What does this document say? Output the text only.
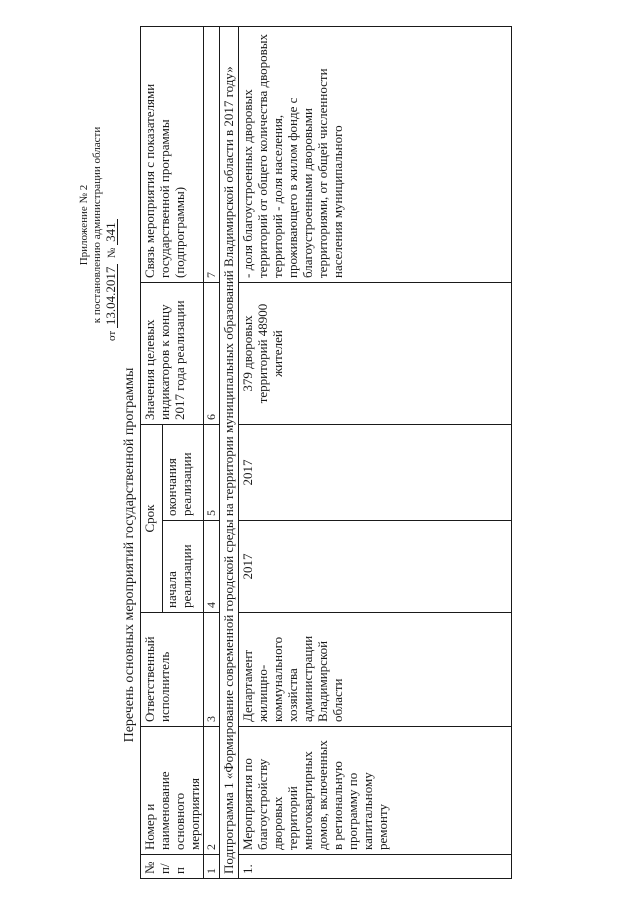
Приложение № 2 к постановлению администрации области
от 13.04.2017  № 341
Перечень основных мероприятий государственной программы
№ п/п	Номер и наименование основного мероприятия	Ответственный исполнитель	Срок		Значения целевых индикаторов к концу 2017 года реализации	Связь мероприятия с показателями государственной программы (подпрограммы)
			начала реализации	окончания реализации		
1	2	3	4	5	6	7
Подпрограмма 1 «Формирование современной городской среды на территории муниципальных образований Владимирской области в 2017 году»						
1.	Мероприятия по благоустройству дворовых территорий многоквартирных домов, включенных в региональную программу по капитальному ремонту	Департамент жилищно-коммунального хозяйства администрации Владимирской области	2017	2017	379 дворовых территорий 48900 жителей	- доля благоустроенных дворовых территорий от общего количества дворовых территорий - доля населения, проживающего в жилом фонде с благоустроенными дворовыми территориями, от общей численности населения муниципального
